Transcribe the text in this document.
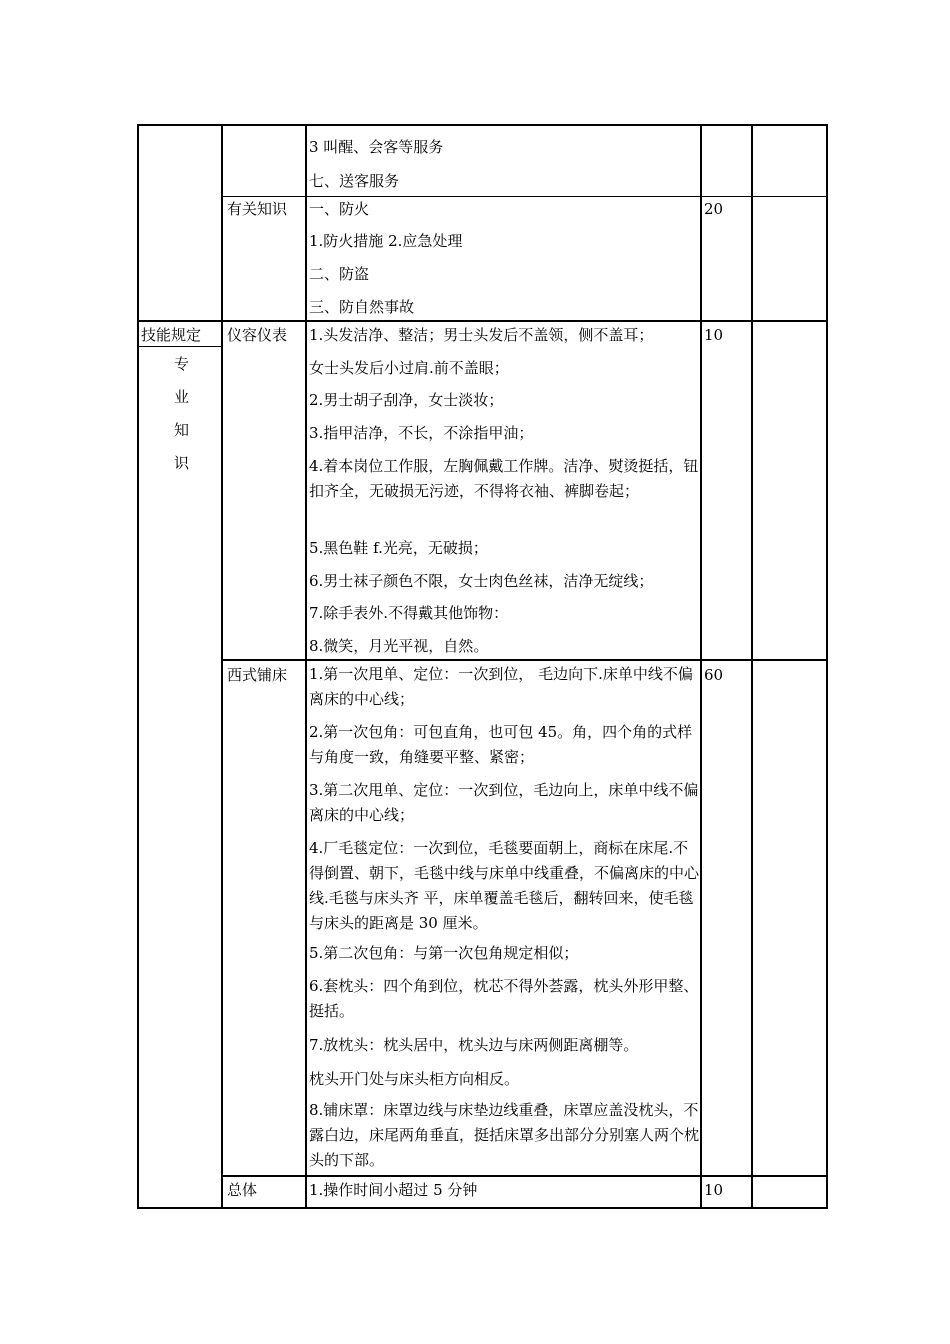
技能规定
专
业
知
识
3 叫醒、会客等服务
七、送客服务
有关知识 一、防火
1.防火措施 2.应急处理
二、防盗
三、防自然事故
20
仪容仪表 1.头发洁净、整洁；男士头发后不盖领，侧不盖耳；
女士头发后小过肩.前不盖眼；
2.男士胡子刮净，女士淡妆；
3.指甲洁净，不长，不涂指甲油；
4.着本岗位工作服，左胸佩戴工作牌。洁净、熨烫挺括，钮扣齐全，无破损无污迹，不得将衣袖、裤脚卷起；
5.黑色鞋 f.光亮，无破损；
6.男士袜子颜色不限，女士肉色丝袜，洁净无绽线；
7.除手表外.不得戴其他饰物：
8.微笑，月光平视，自然。
10
西式铺床 1.第一次甩单、定位：一次到位， 毛边向下.床单中线不偏离床的中心线；
2.第一次包角：可包直角，也可包 45。角，四个角的式样与角度一致，角缝要平整、紧密；
3.第二次甩单、定位：一次到位，毛边向上，床单中线不偏离床的中心线；
4.厂毛毯定位：一次到位，毛毯要面朝上，商标在床尾.不得倒置、朝下，毛毯中线与床单中线重叠，不偏离床的中心线.毛毯与床头齐 平，床单覆盖毛毯后，翻转回来，使毛毯与床头的距离是 30 厘米。
5.第二次包角：与第一次包角规定相似；
6.套枕头：四个角到位，枕芯不得外荟露，枕头外形甲整、挺括。
7.放枕头：枕头居中，枕头边与床两侧距离棚等。
枕头开门处与床头柜方向相反。
8.铺床罩：床罩边线与床垫边线重叠，床罩应盖没枕头，不露白边，床尾两角垂直，挺括床罩多出部分分别塞人两个枕头的下部。
60
总体	1.操作时间小超过 5 分钟	10
